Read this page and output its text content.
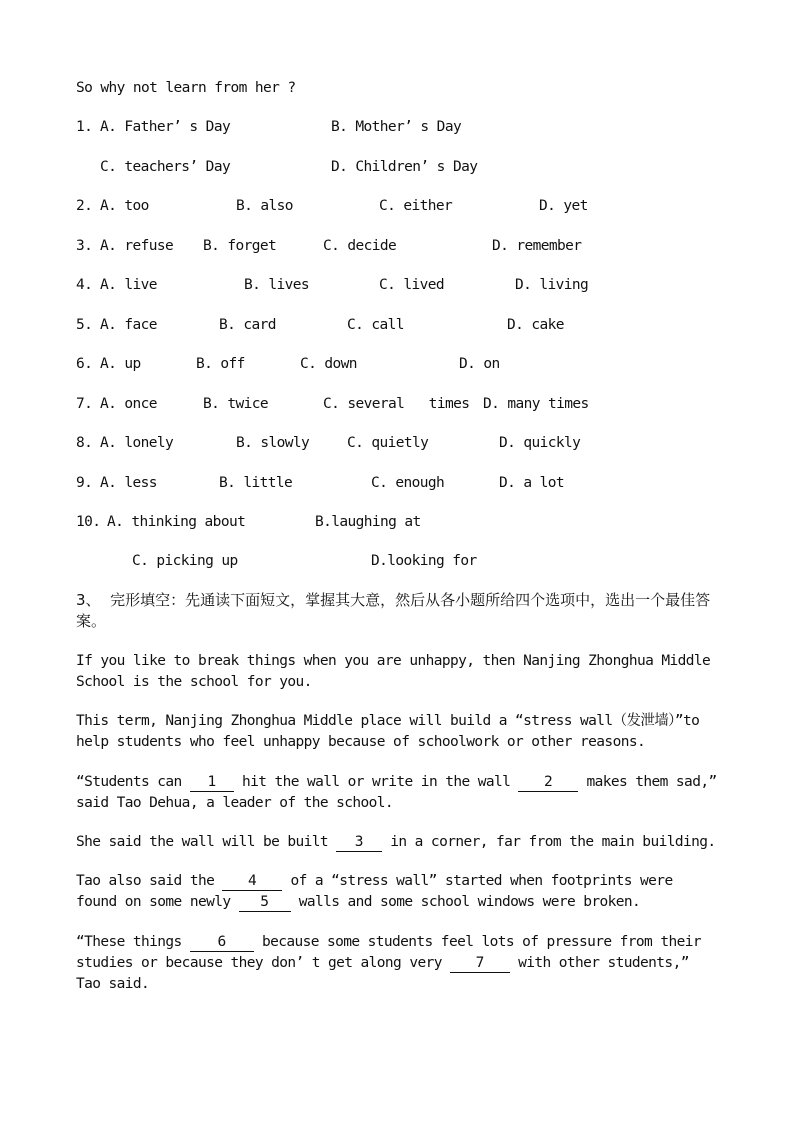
So why not learn from her ?
1. A. Father’ s Day	B. Mother’ s Day
C. teachers’ Day	D. Children’ s Day
2. A. too	B. also	C. either	D. yet
3. A. refuse B. forget	C. decide	D. remember
4. A. live	B. lives	C. lived	D. living
5. A. face	B. card	C. call	D. cake
6. A. up	B. off	C. down	D. on
7. A. once	B. twice	C. several   times D. many times
8. A. lonely	B. slowly	C. quietly	D. quickly
9. A. less	B. little	C. enough	D. a lot
10. A. thinking about	B.laughing at
C. picking up	D.looking for
3、 完形填空：先通读下面短文，掌握其大意，然后从各小题所给四个选项中，选出一个最佳答案。
If you like to break things when you are unhappy, then Nanjing Zhonghua Middle School is the school for you.
This term, Nanjing Zhonghua Middle place will build a “stress wall（发泄墙）”to help students who feel unhappy because of schoolwork or other reasons.
“Students can 1 hit the wall or write in the wall 2 makes them sad,” said Tao Dehua, a leader of the school.
She said the wall will be built 3 in a corner, far from the main building.
Tao also said the 4 of a “stress wall” started when footprints were found on some newly 5 walls and some school windows were broken.
“These things 6 because some students feel lots of pressure from their studies or because they don’ t get along very 7 with other students,” Tao said.
